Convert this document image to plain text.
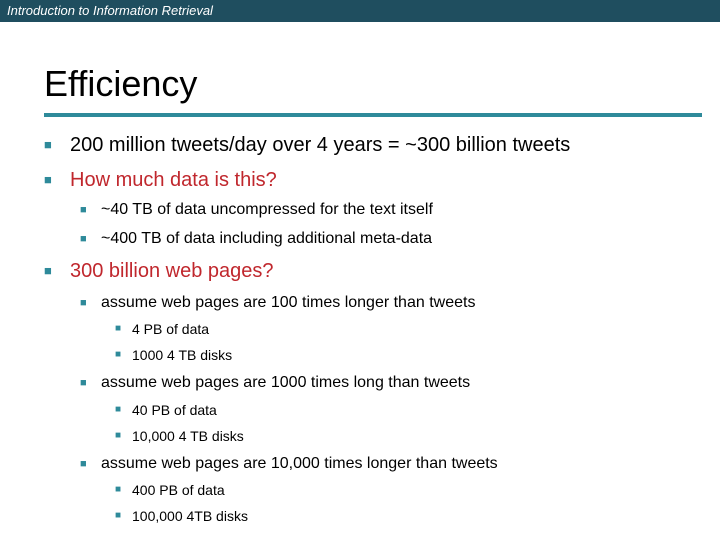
Introduction to Information Retrieval
Efficiency
■ 200 million tweets/day over 4 years = ~300 billion tweets
■ How much data is this?
■ ~40 TB of data uncompressed for the text itself
■ ~400 TB of data including additional meta-data
■ 300 billion web pages?
■ assume web pages are 100 times longer than tweets
■ 4 PB of data
■ 1000 4 TB disks
■ assume web pages are 1000 times long than tweets
■ 40 PB of data
■ 10,000 4 TB disks
■ assume web pages are 10,000 times longer than tweets
■ 400 PB of data
■ 100,000 4TB disks
